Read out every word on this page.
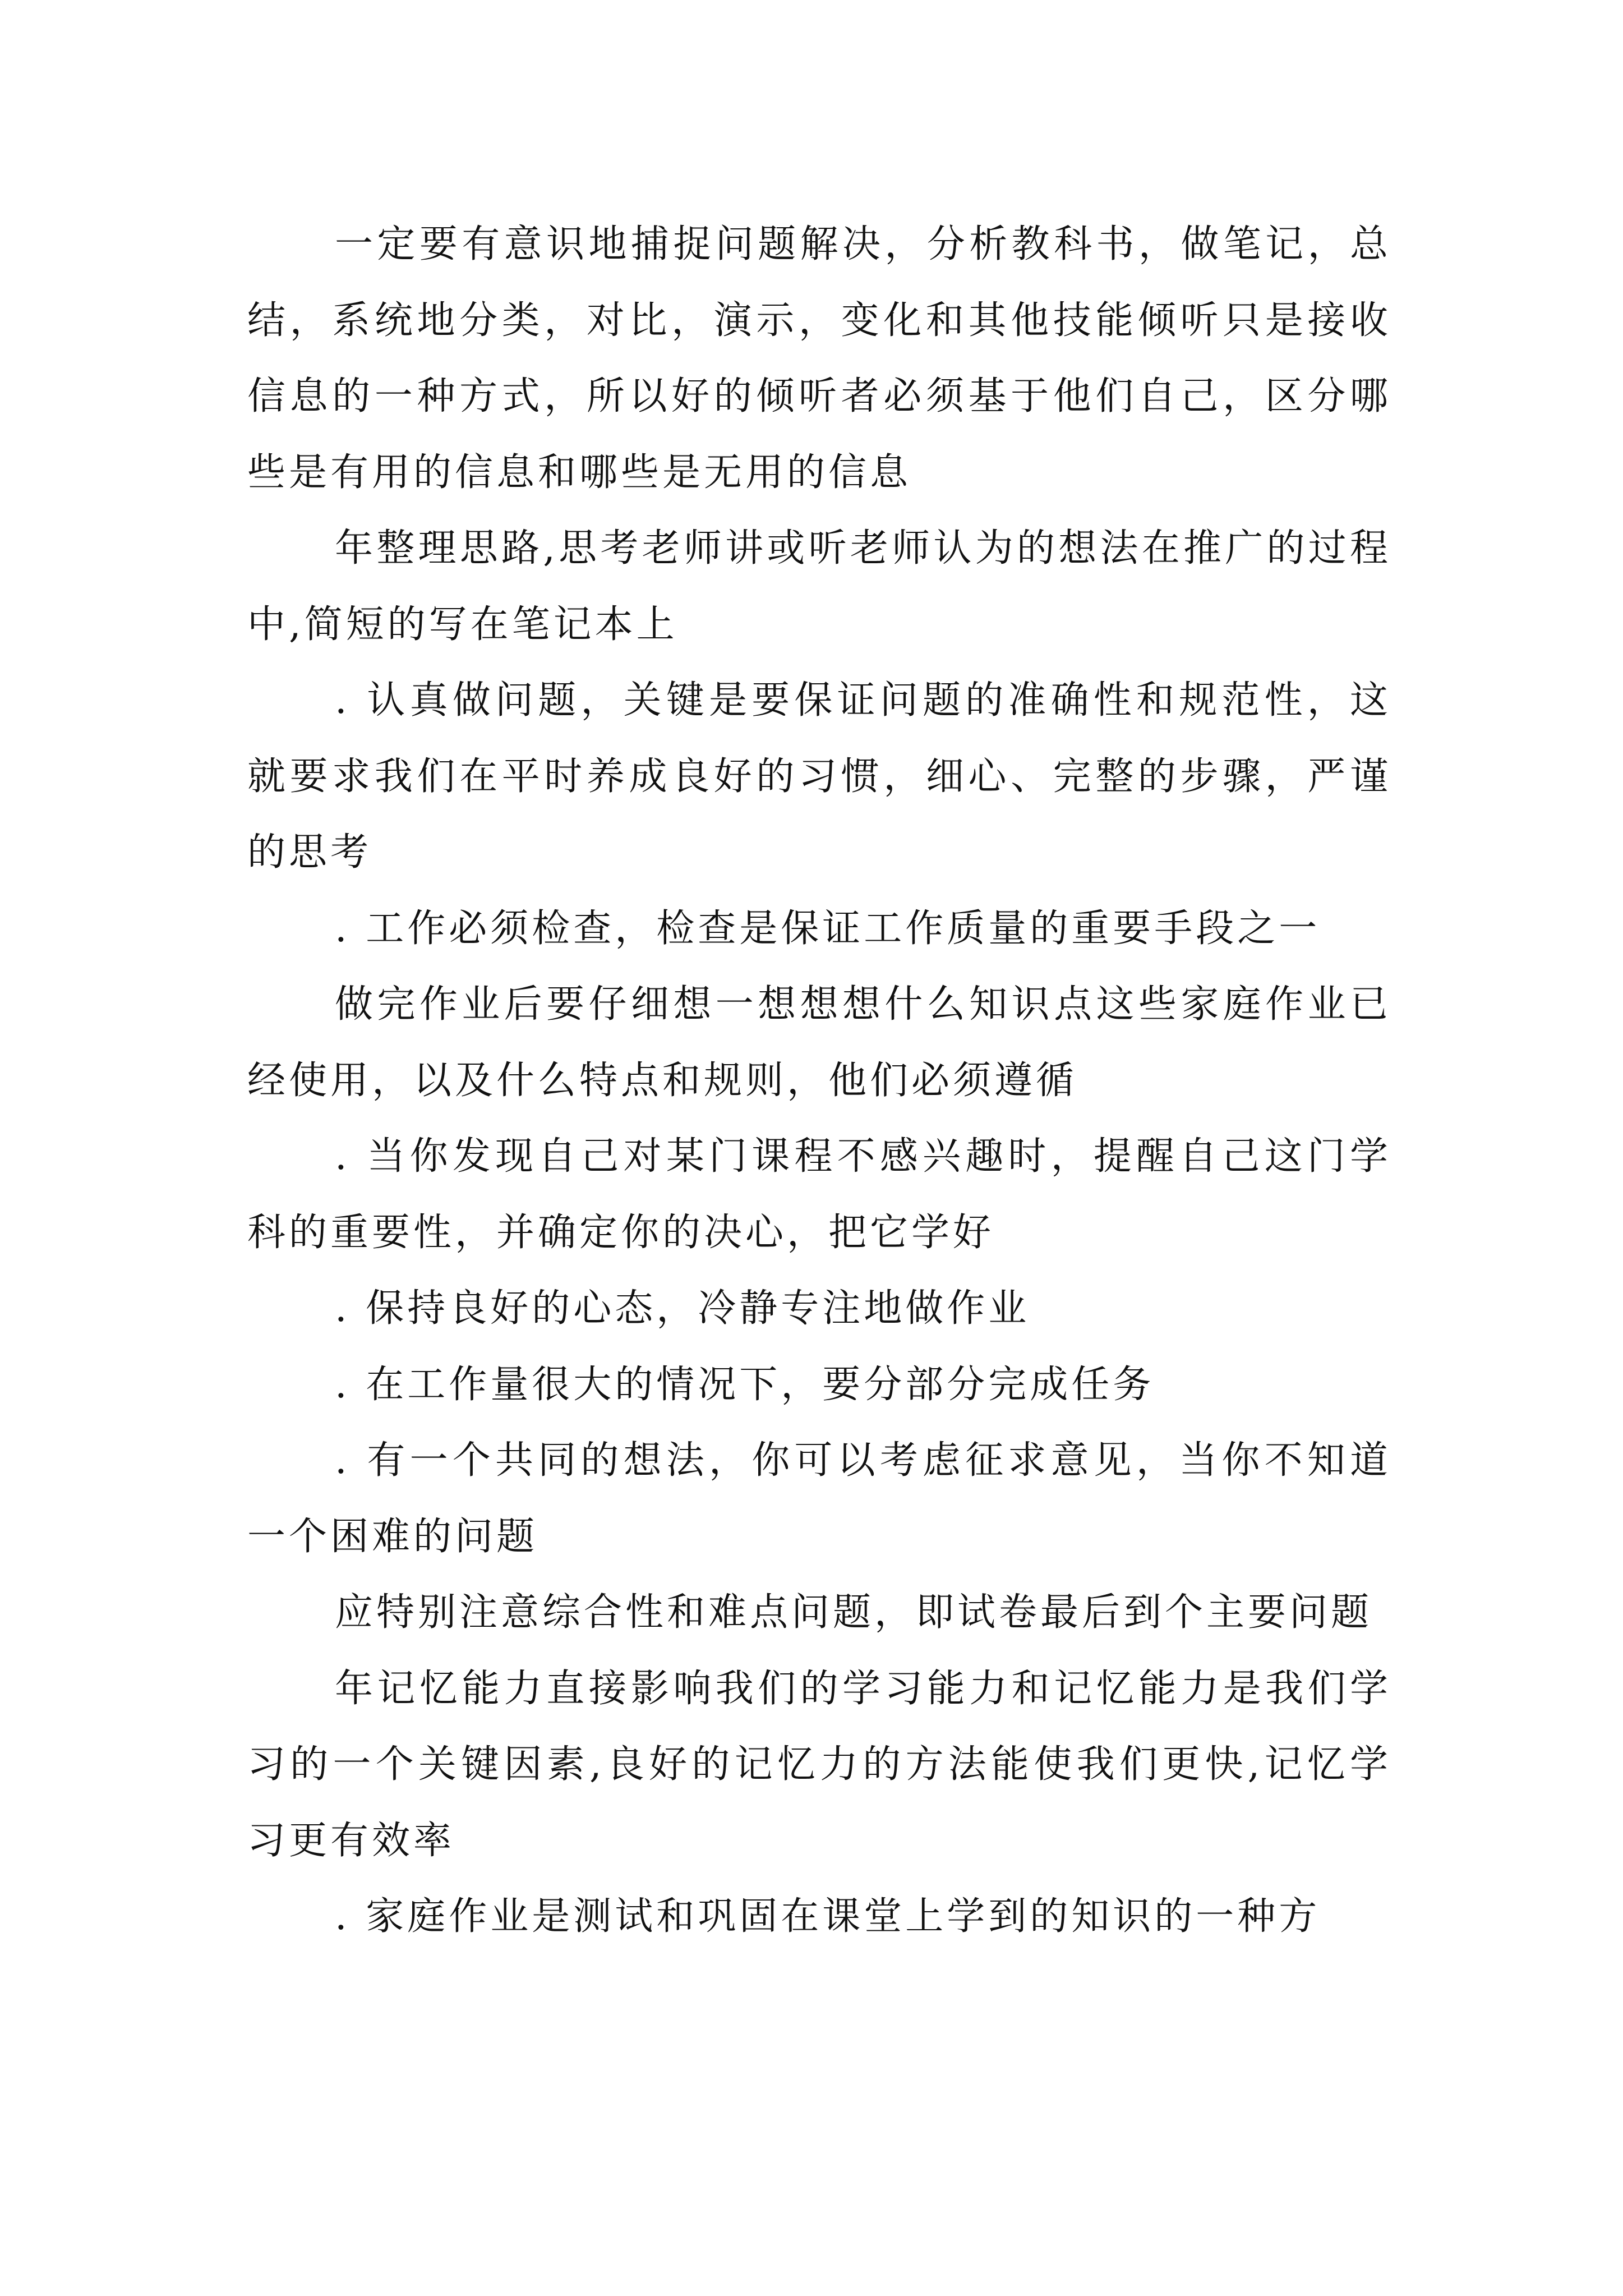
一定要有意识地捕捉问题解决，分析教科书，做笔记，总结，系统地分类，对比，演示，变化和其他技能倾听只是接收信息的一种方式，所以好的倾听者必须基于他们自己，区分哪些是有用的信息和哪些是无用的信息

年整理思路,思考老师讲或听老师认为的想法在推广的过程中,简短的写在笔记本上

. 认真做问题，关键是要保证问题的准确性和规范性，这就要求我们在平时养成良好的习惯，细心、完整的步骤，严谨的思考

. 工作必须检查，检查是保证工作质量的重要手段之一

做完作业后要仔细想一想想想什么知识点这些家庭作业已经使用，以及什么特点和规则，他们必须遵循

. 当你发现自己对某门课程不感兴趣时，提醒自己这门学科的重要性，并确定你的决心，把它学好

. 保持良好的心态，冷静专注地做作业

. 在工作量很大的情况下，要分部分完成任务

. 有一个共同的想法，你可以考虑征求意见，当你不知道一个困难的问题

应特别注意综合性和难点问题，即试卷最后到个主要问题

年记忆能力直接影响我们的学习能力和记忆能力是我们学习的一个关键因素,良好的记忆力的方法能使我们更快,记忆学习更有效率

. 家庭作业是测试和巩固在课堂上学到的知识的一种方
